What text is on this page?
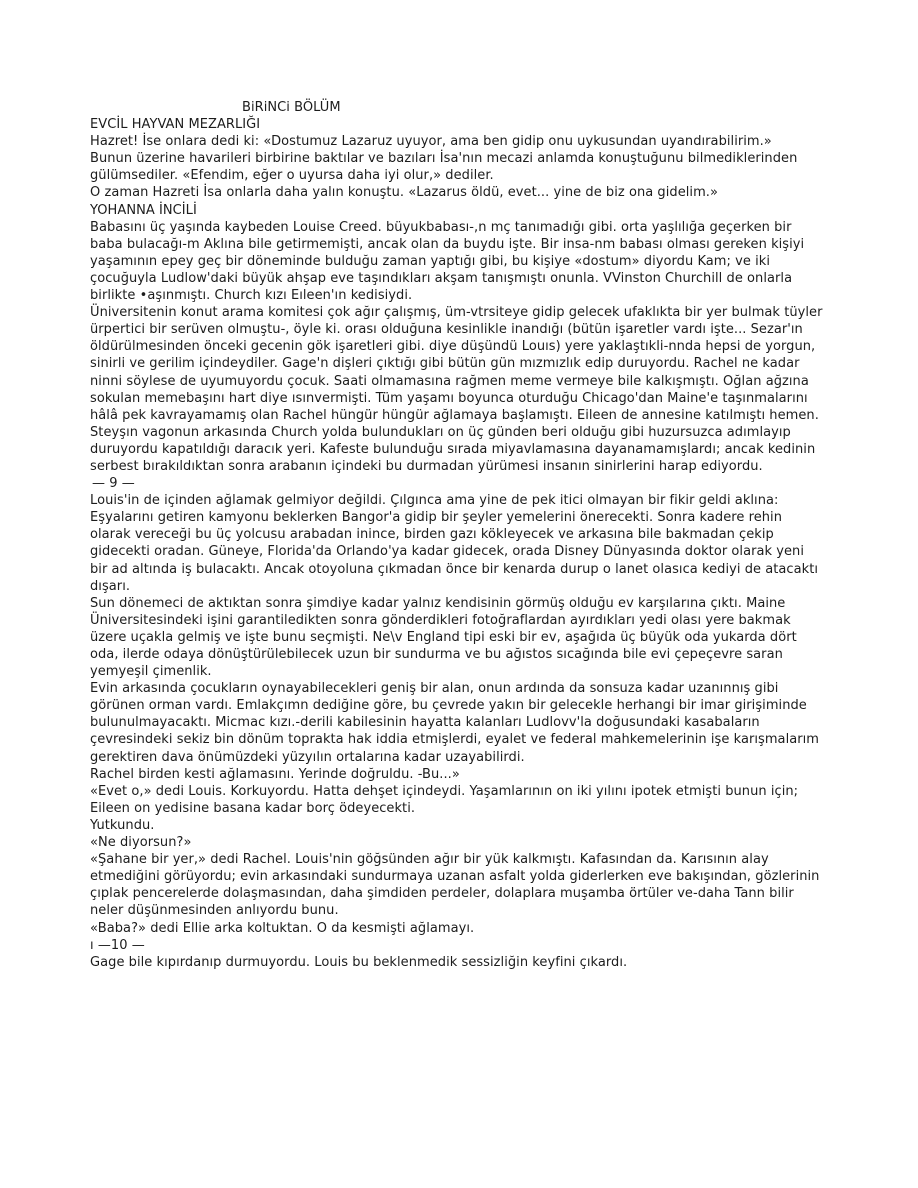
BiRiNCi BÖLÜM

EVCİL HAYVAN MEZARLIĞI

Hazret! İse onlara dedi ki: «Dostumuz Lazaruz uyuyor, ama ben gidip onu uykusundan uyandırabilirim.»

Bunun üzerine havarileri birbirine baktılar ve bazıları İsa'nın mecazi anlamda konuştuğunu bilmediklerinden gülümsediler. «Efendim, eğer o uyursa daha iyi olur,» dediler.

O zaman Hazreti İsa onlarla daha yalın konuştu. «Lazarus öldü, evet... yine de biz ona gidelim.»

YOHANNA İNCİLİ

Babasını üç yaşında kaybeden Louise Creed. büyukbabası-,n mç tanımadığı gibi. orta yaşlılığa geçerken bir baba bulacağı-m Aklına bile getirmemişti, ancak olan da buydu işte. Bir insa-nm babası olması gereken kişiyi yaşamının epey geç bir döneminde bulduğu zaman yaptığı gibi, bu kişiye «dostum» diyordu Kam; ve iki çocuğuyla Ludlow'daki büyük ahşap eve taşındıkları akşam tanışmıştı onunla. VVinston Churchill de onlarla birlikte •aşınmıştı. Church kızı Eıleen'ın kedisiydi.

Üniversitenin konut arama komitesi çok ağır çalışmış, üm-vtrsiteye gidip gelecek ufaklıkta bir yer bulmak tüyler ürpertici bir serüven olmuştu-, öyle ki. orası olduğuna kesinlikle inandığı (bütün işaretler vardı işte... Sezar'ın öldürülmesinden önceki gecenin gök işaretleri gibi. diye düşündü Louıs) yere yaklaştıkli-nnda hepsi de yorgun, sinirli ve gerilim içindeydiler. Gage'n dişleri çıktığı gibi bütün gün mızmızlık edip duruyordu. Rachel ne kadar ninni söylese de uyumuyordu çocuk. Saati olmamasına rağmen meme vermeye bile kalkışmıştı. Oğlan ağzına sokulan memebaşını hart diye ısınvermişti. Tüm yaşamı boyunca oturduğu Chicago'dan Maine'e taşınmalarını hâlâ pek kavrayamamış olan Rachel hüngür hüngür ağlamaya başlamıştı. Eileen de annesine katılmıştı hemen. Steyşın vagonun arkasında Church yolda bulundukları on üç günden beri olduğu gibi huzursuzca adımlayıp duruyordu kapatıldığı daracık yeri. Kafeste bulunduğu sırada miyavlamasına dayanamamışlardı; ancak kedinin serbest bırakıldıktan sonra arabanın içindeki bu durmadan yürümesi insanın sinirlerini harap ediyordu.

— 9 —

Louis'in de içinden ağlamak gelmiyor değildi. Çılgınca ama yine de pek itici olmayan bir fikir geldi aklına: Eşyalarını getiren kamyonu beklerken Bangor'a gidip bir şeyler yemelerini önerecekti. Sonra kadere rehin olarak vereceği bu üç yolcusu arabadan inince, birden gazı kökleyecek ve arkasına bile bakmadan çekip gidecekti oradan. Güneye, Florida'da Orlando'ya kadar gidecek, orada Disney Dünyasında doktor olarak yeni bir ad altında iş bulacaktı. Ancak otoyoluna çıkmadan önce bir kenarda durup o lanet olasıca kediyi de atacaktı dışarı.

Sun dönemeci de aktıktan sonra şimdiye kadar yalnız kendisinin görmüş olduğu ev karşılarına çıktı. Maine Üniversitesindeki işini garantiledikten sonra gönderdikleri fotoğraflardan ayırdıkları yedi olası yere bakmak üzere uçakla gelmiş ve işte bunu seçmişti. Ne\v England tipi eski bir ev, aşağıda üç büyük oda yukarda dört oda, ilerde odaya dönüştürülebilecek uzun bir sundurma ve bu ağıstos sıcağında bile evi çepeçevre saran yemyeşil çimenlik.

Evin arkasında çocukların oynayabilecekleri geniş bir alan, onun ardında da sonsuza kadar uzanınnış gibi görünen orman vardı. Emlakçımn dediğine göre, bu çevrede yakın bir gelecekle herhangi bir imar girişiminde bulunulmayacaktı. Micmac kızı.-derili kabilesinin hayatta kalanları Ludlovv'la doğusundaki kasabaların çevresindeki sekiz bin dönüm toprakta hak iddia etmişlerdi, eyalet ve federal mahkemelerinin işe karışmalarım gerektiren dava önümüzdeki yüzyılın ortalarına kadar uzayabilirdi.

Rachel birden kesti ağlamasını. Yerinde doğruldu. -Bu...»

«Evet o,» dedi Louis. Korkuyordu. Hatta dehşet içindeydi. Yaşamlarının on iki yılını ipotek etmişti bunun için; Eileen on yedisine basana kadar borç ödeyecekti.

Yutkundu.

«Ne diyorsun?»

«Şahane bir yer,» dedi Rachel. Louis'nin göğsünden ağır bir yük kalkmıştı. Kafasından da. Karısının alay etmediğini görüyordu; evin arkasındaki sundurmaya uzanan asfalt yolda giderlerken eve bakışından, gözlerinin çıplak pencerelerde dolaşmasından, daha şimdiden perdeler, dolaplara muşamba örtüler ve-daha Tann bilir neler düşünmesinden anlıyordu bunu.

«Baba?» dedi Ellie arka koltuktan. O da kesmişti ağlamayı.

ı —10 —

Gage bile kıpırdanıp durmuyordu. Louis bu beklenmedik sessizliğin keyfini çıkardı.
